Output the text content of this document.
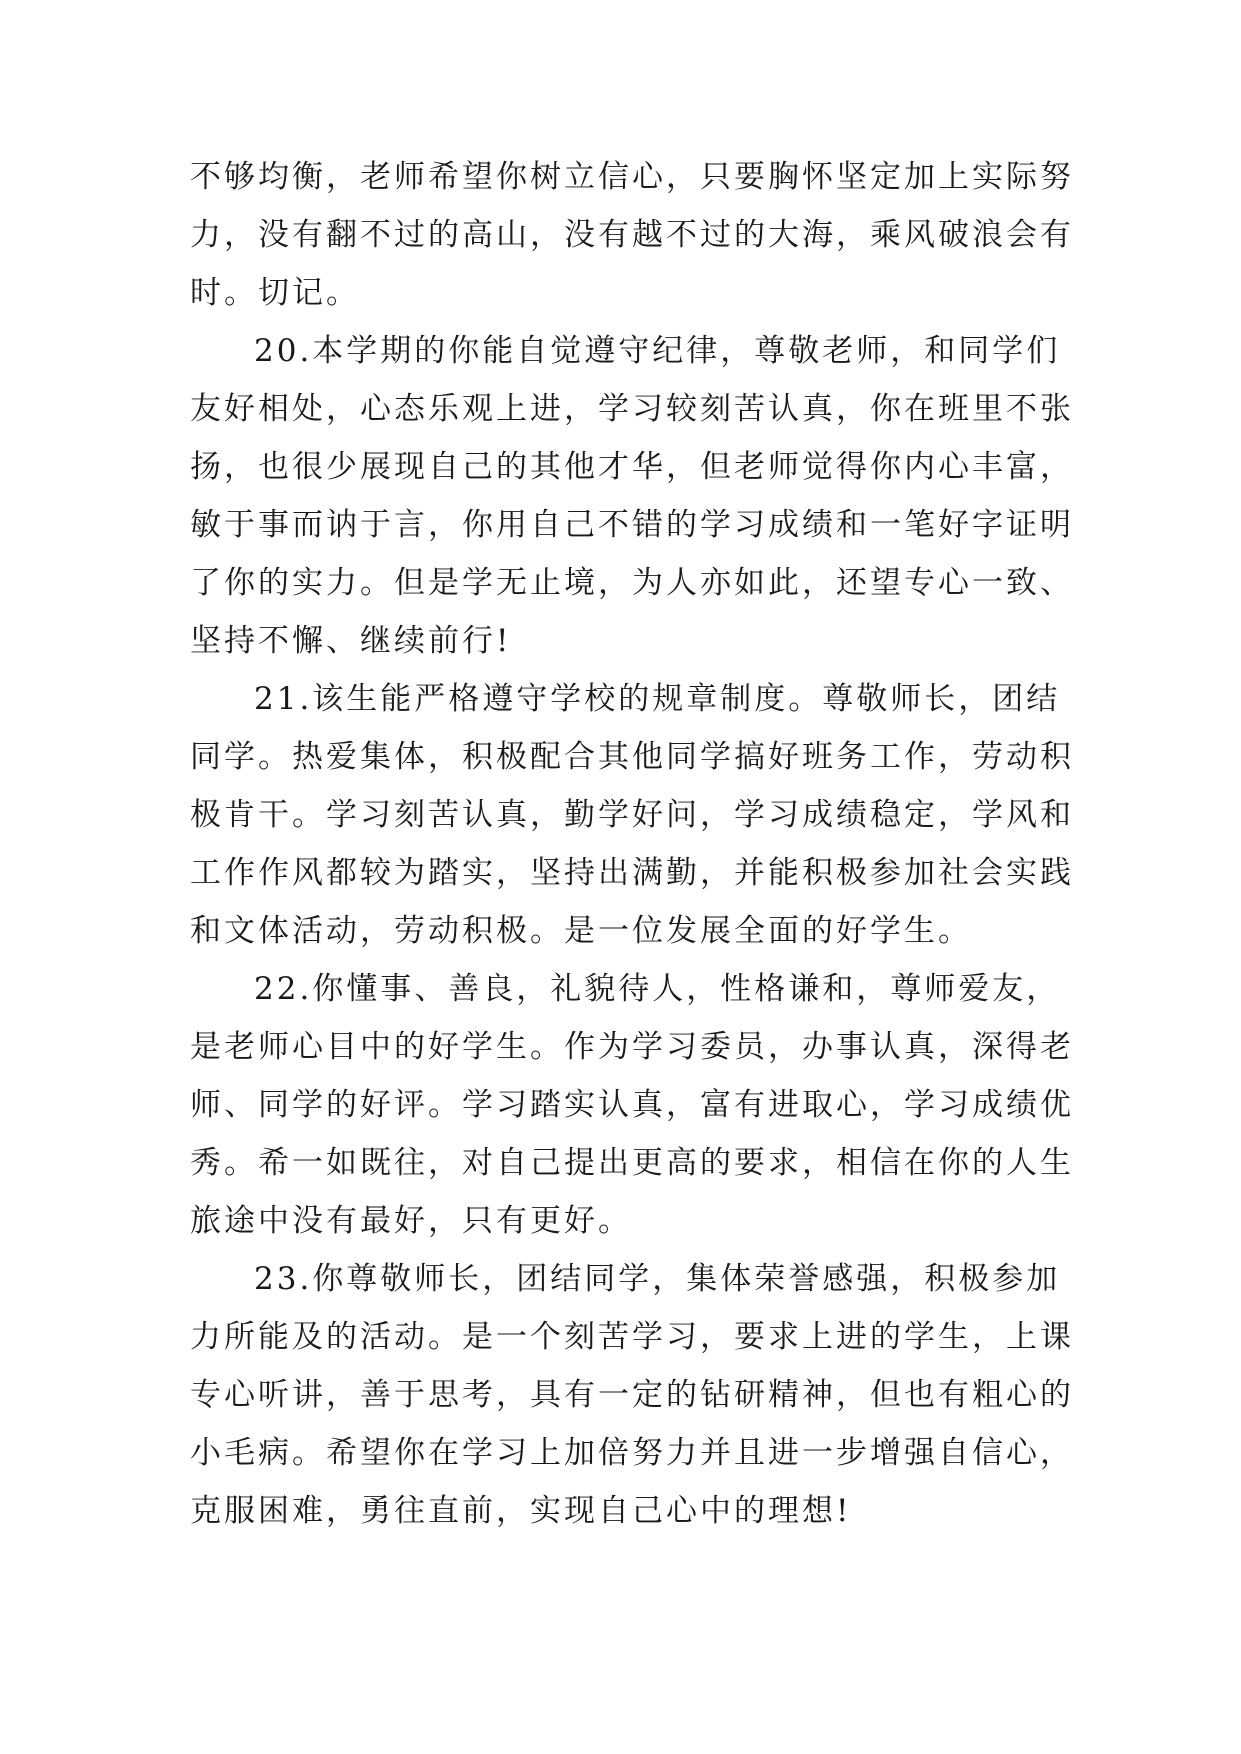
不够均衡，老师希望你树立信心，只要胸怀坚定加上实际努
力，没有翻不过的高山，没有越不过的大海，乘风破浪会有
时。切记。
20.本学期的你能自觉遵守纪律，尊敬老师，和同学们
友好相处，心态乐观上进，学习较刻苦认真，你在班里不张
扬，也很少展现自己的其他才华，但老师觉得你内心丰富，
敏于事而讷于言，你用自己不错的学习成绩和一笔好字证明
了你的实力。但是学无止境，为人亦如此，还望专心一致、
坚持不懈、继续前行!
21.该生能严格遵守学校的规章制度。尊敬师长，团结
同学。热爱集体，积极配合其他同学搞好班务工作，劳动积
极肯干。学习刻苦认真，勤学好问，学习成绩稳定，学风和
工作作风都较为踏实，坚持出满勤，并能积极参加社会实践
和文体活动，劳动积极。是一位发展全面的好学生。
22.你懂事、善良，礼貌待人，性格谦和，尊师爱友，
是老师心目中的好学生。作为学习委员，办事认真，深得老
师、同学的好评。学习踏实认真，富有进取心，学习成绩优
秀。希一如既往，对自己提出更高的要求，相信在你的人生
旅途中没有最好，只有更好。
23.你尊敬师长，团结同学，集体荣誉感强，积极参加
力所能及的活动。是一个刻苦学习，要求上进的学生，上课
专心听讲，善于思考，具有一定的钻研精神，但也有粗心的
小毛病。希望你在学习上加倍努力并且进一步增强自信心，
克服困难，勇往直前，实现自己心中的理想!
